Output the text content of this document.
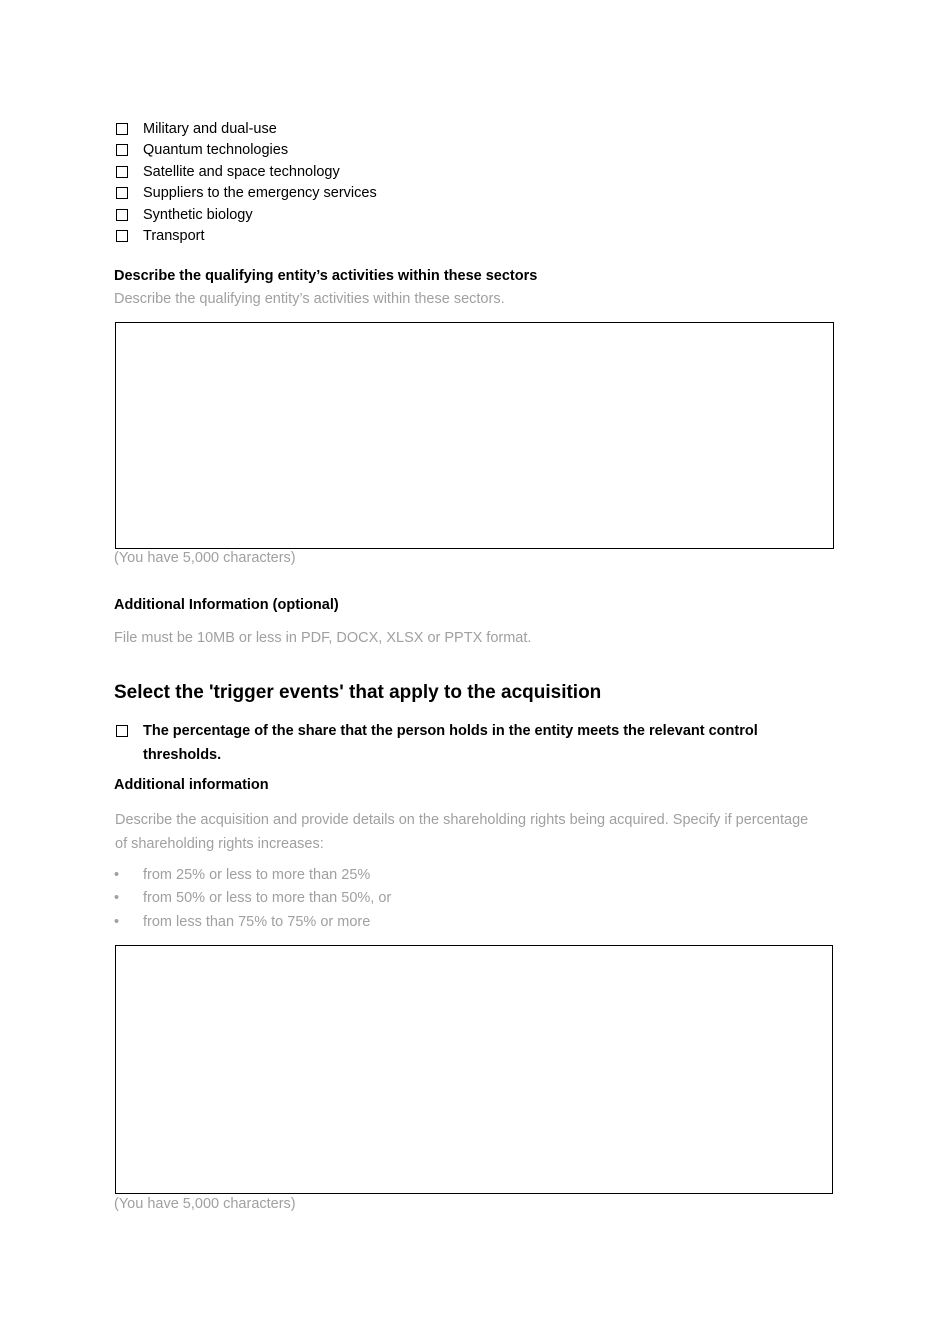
Military and dual-use
Quantum technologies
Satellite and space technology
Suppliers to the emergency services
Synthetic biology
Transport
Describe the qualifying entity’s activities within these sectors
Describe the qualifying entity’s activities within these sectors.
(You have 5,000 characters)
Additional Information (optional)
File must be 10MB or less in PDF, DOCX, XLSX or PPTX format.
Select the 'trigger events' that apply to the acquisition
The percentage of the share that the person holds in the entity meets the relevant control thresholds.
Additional information
Describe the acquisition and provide details on the shareholding rights being acquired. Specify if percentage of shareholding rights increases:
• from 25% or less to more than 25%
• from 50% or less to more than 50%, or
• from less than 75% to 75% or more
(You have 5,000 characters)
